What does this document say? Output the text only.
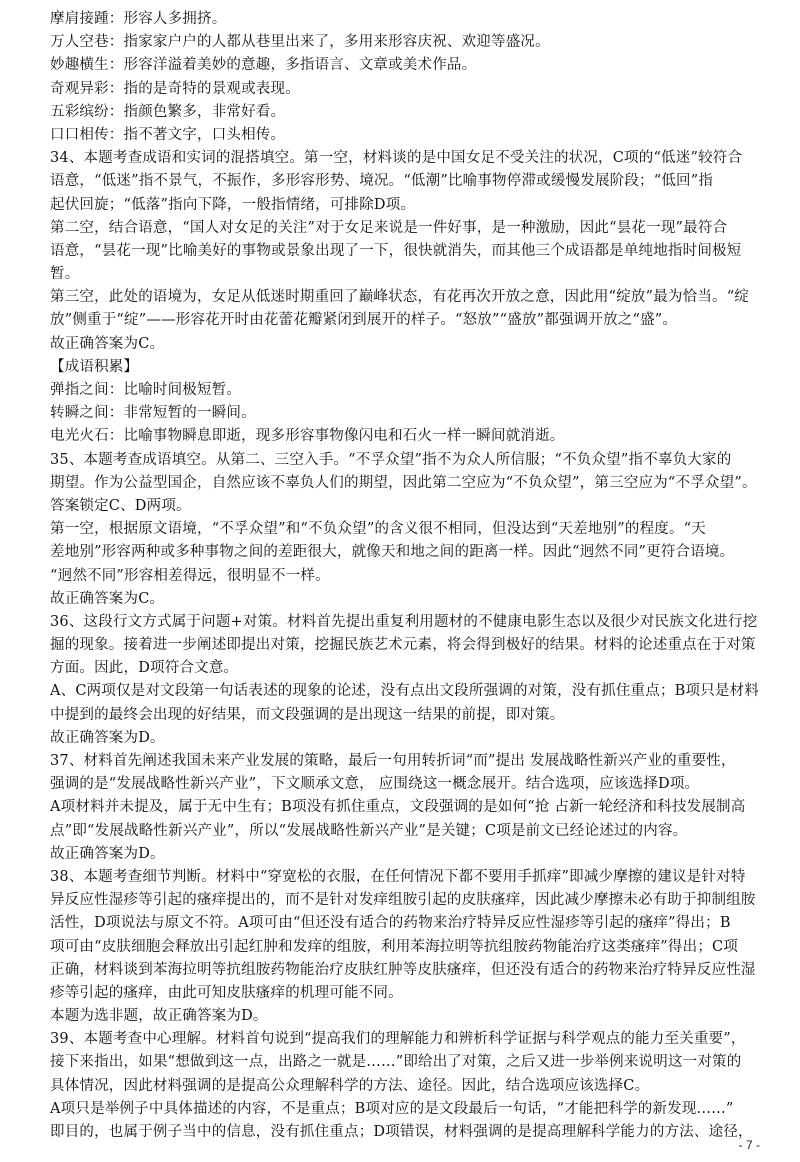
摩肩接踵：形容人多拥挤。
万人空巷：指家家户户的人都从巷里出来了，多用来形容庆祝、欢迎等盛况。
妙趣横生：形容洋溢着美妙的意趣，多指语言、文章或美术作品。
奇观异彩：指的是奇特的景观或表现。
五彩缤纷：指颜色繁多，非常好看。
口口相传：指不著文字，口头相传。
34、本题考查成语和实词的混搭填空。第一空，材料谈的是中国女足不受关注的状况，C项的“低迷”较符合
语意，“低迷”指不景气，不振作，多形容形势、境况。“低潮”比喻事物停滞或缓慢发展阶段；“低回”指
起伏回旋；“低落”指向下降，一般指情绪，可排除D项。
第二空，结合语意，“国人对女足的关注”对于女足来说是一件好事，是一种激励，因此“昙花一现”最符合
语意，“昙花一现”比喻美好的事物或景象出现了一下，很快就消失，而其他三个成语都是单纯地指时间极短
暂。
第三空，此处的语境为，女足从低迷时期重回了巅峰状态，有花再次开放之意，因此用“绽放”最为恰当。“绽
放”侧重于“绽”——形容花开时由花蕾花瓣紧闭到展开的样子。“怒放”“盛放”都强调开放之“盛”。
故正确答案为C。
【成语积累】
弹指之间：比喻时间极短暂。
转瞬之间：非常短暂的一瞬间。
电光火石：比喻事物瞬息即逝，现多形容事物像闪电和石火一样一瞬间就消逝。
35、本题考查成语填空。从第二、三空入手。“不孚众望”指不为众人所信服；“不负众望”指不辜负大家的
期望。作为公益型国企，自然应该不辜负人们的期望，因此第二空应为“不负众望”，第三空应为“不孚众望”。
答案锁定C、D两项。
第一空，根据原文语境，“不孚众望”和“不负众望”的含义很不相同，但没达到“天差地别”的程度。“天
差地别”形容两种或多种事物之间的差距很大，就像天和地之间的距离一样。因此“迥然不同”更符合语境。
“迥然不同”形容相差得远，很明显不一样。
故正确答案为C。
36、这段行文方式属于问题+对策。材料首先提出重复利用题材的不健康电影生态以及很少对民族文化进行挖
掘的现象。接着进一步阐述即提出对策，挖掘民族艺术元素，将会得到极好的结果。材料的论述重点在于对策
方面。因此，D项符合文意。
A、C两项仅是对文段第一句话表述的现象的论述，没有点出文段所强调的对策，没有抓住重点；B项只是材料
中提到的最终会出现的好结果，而文段强调的是出现这一结果的前提，即对策。
故正确答案为D。
37、材料首先阐述我国未来产业发展的策略，最后一句用转折词“而”提出 发展战略性新兴产业的重要性，
强调的是“发展战略性新兴产业”，下文顺承文意， 应围绕这一概念展开。结合选项，应该选择D项。
A项材料并未提及，属于无中生有；B项没有抓住重点，文段强调的是如何“抢 占新一轮经济和科技发展制高
点”即“发展战略性新兴产业”，所以“发展战略性新兴产业”是关键；C项是前文已经论述过的内容。
故正确答案为D。
38、本题考查细节判断。材料中“穿宽松的衣服，在任何情况下都不要用手抓痒”即减少摩擦的建议是针对特
异反应性湿疹等引起的瘙痒提出的，而不是针对发痒组胺引起的皮肤瘙痒，因此减少摩擦未必有助于抑制组胺
活性，D项说法与原文不符。A项可由“但还没有适合的药物来治疗特异反应性湿疹等引起的瘙痒”得出；B
项可由“皮肤细胞会释放出引起红肿和发痒的组胺，利用苯海拉明等抗组胺药物能治疗这类瘙痒”得出；C项
正确，材料谈到苯海拉明等抗组胺药物能治疗皮肤红肿等皮肤瘙痒，但还没有适合的药物来治疗特异反应性湿
疹等引起的瘙痒，由此可知皮肤瘙痒的机理可能不同。
本题为选非题，故正确答案为D。
39、本题考查中心理解。材料首句说到“提高我们的理解能力和辨析科学证据与科学观点的能力至关重要”，
接下来指出，如果“想做到这一点，出路之一就是……”即给出了对策，之后又进一步举例来说明这一对策的
具体情况，因此材料强调的是提高公众理解科学的方法、途径。因此，结合选项应该选择C。
A项只是举例子中具体描述的内容，不是重点；B项对应的是文段最后一句话，“才能把科学的新发现……”
即目的，也属于例子当中的信息，没有抓住重点；D项错误，材料强调的是提高理解科学能力的方法、途径，
- 7 -
